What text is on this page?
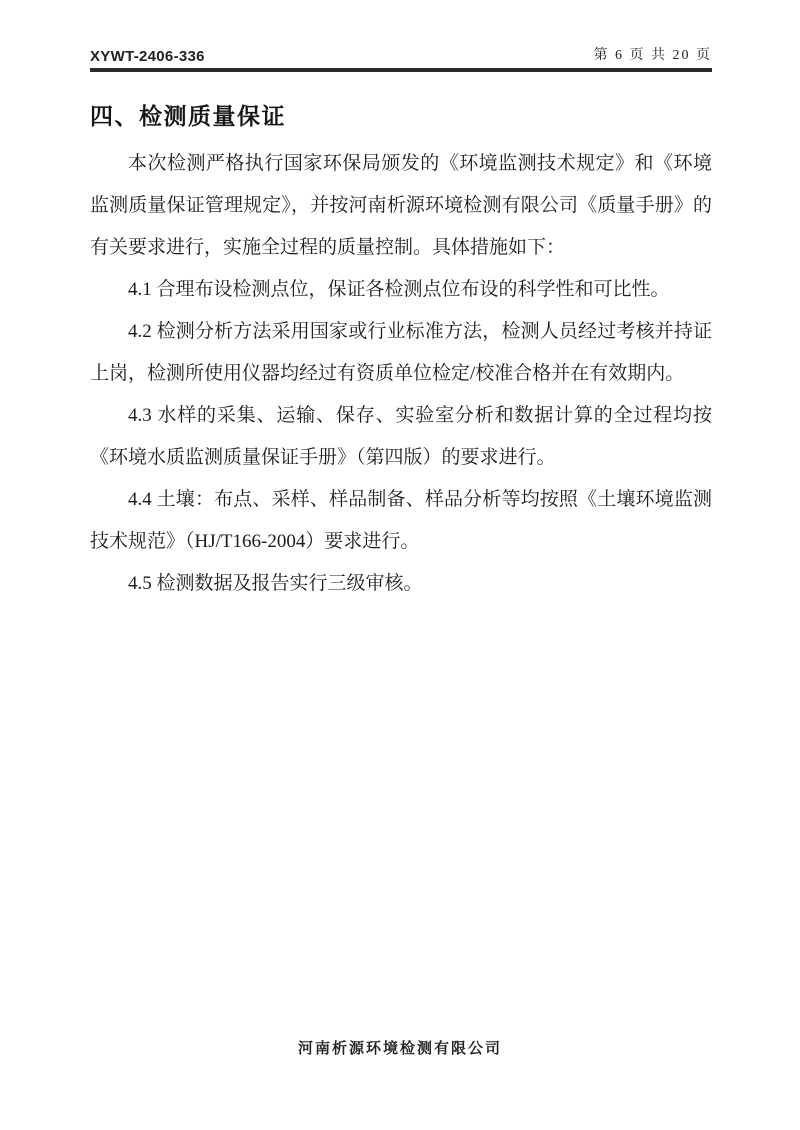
XYWT-2406-336	第 6 页 共 20 页
四、检测质量保证

本次检测严格执行国家环保局颁发的《环境监测技术规定》和《环境监测质量保证管理规定》，并按河南析源环境检测有限公司《质量手册》的有关要求进行，实施全过程的质量控制。具体措施如下：

4.1 合理布设检测点位，保证各检测点位布设的科学性和可比性。

4.2 检测分析方法采用国家或行业标准方法，检测人员经过考核并持证上岗，检测所使用仪器均经过有资质单位检定/校准合格并在有效期内。

4.3 水样的采集、运输、保存、实验室分析和数据计算的全过程均按《环境水质监测质量保证手册》（第四版）的要求进行。

4.4 土壤：布点、采样、样品制备、样品分析等均按照《土壤环境监测技术规范》（HJ/T166-2004）要求进行。

4.5 检测数据及报告实行三级审核。

河南析源环境检测有限公司
